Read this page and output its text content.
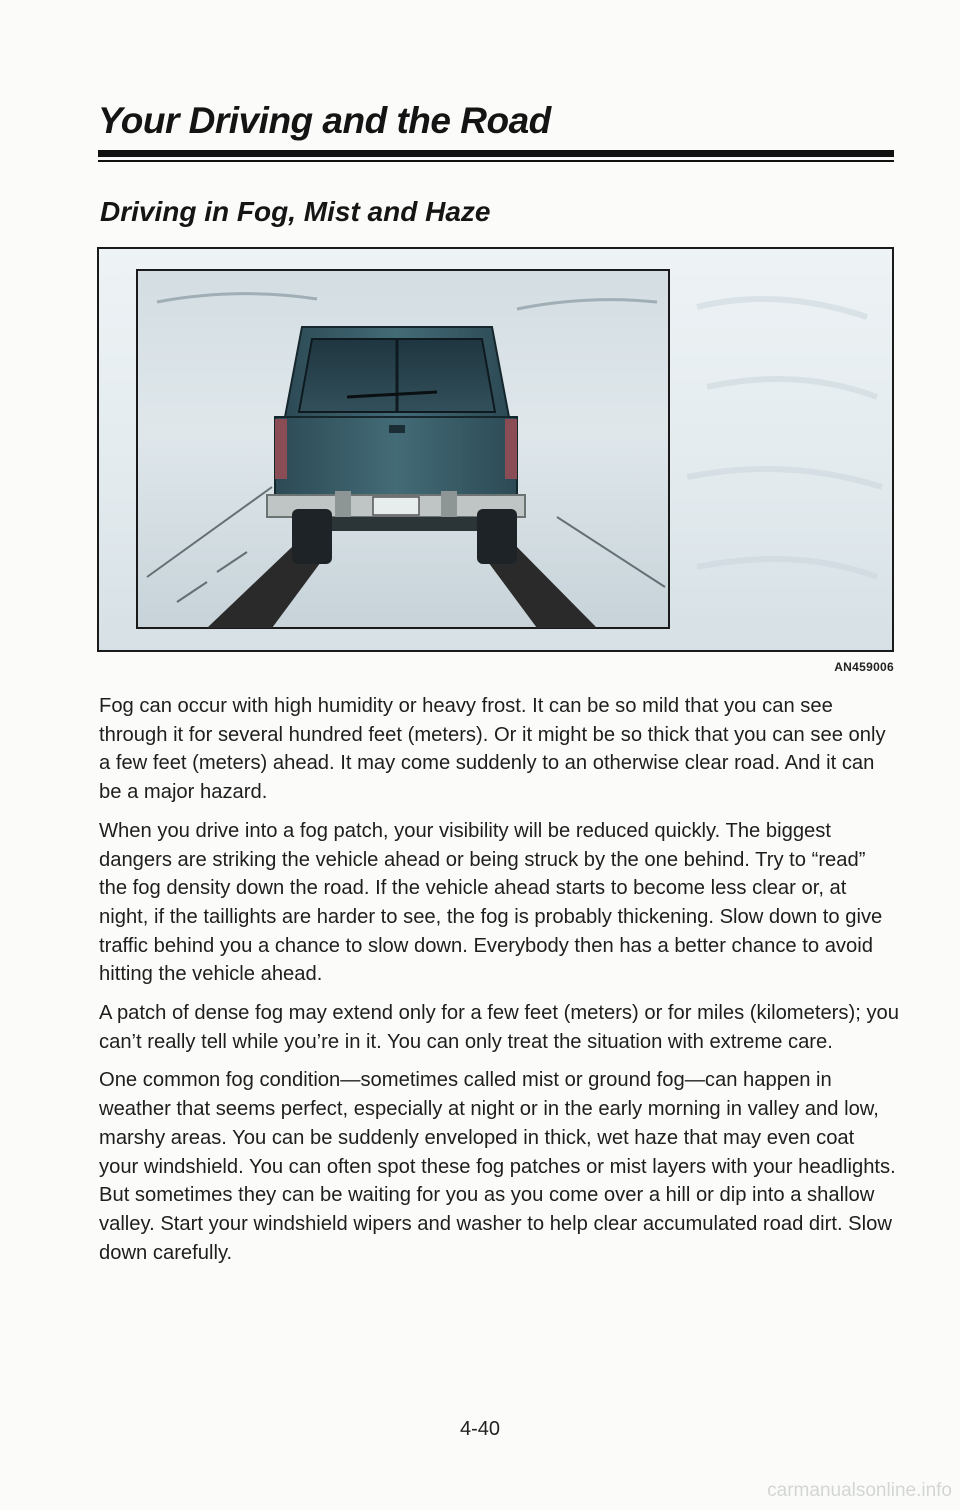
Your Driving and the Road
Driving in Fog, Mist and Haze
AN459006

Fog can occur with high humidity or heavy frost. It can be so mild that you can see through it for several hundred feet (meters). Or it might be so thick that you can see only a few feet (meters) ahead. It may come suddenly to an otherwise clear road. And it can be a major hazard.

When you drive into a fog patch, your visibility will be reduced quickly. The biggest dangers are striking the vehicle ahead or being struck by the one behind. Try to “read” the fog density down the road. If the vehicle ahead starts to become less clear or, at night, if the taillights are harder to see, the fog is probably thickening. Slow down to give traffic behind you a chance to slow down. Everybody then has a better chance to avoid hitting the vehicle ahead.

A patch of dense fog may extend only for a few feet (meters) or for miles (kilometers); you can’t really tell while you’re in it. You can only treat the situation with extreme care.

One common fog condition—sometimes called mist or ground fog—can happen in weather that seems perfect, especially at night or in the early morning in valley and low, marshy areas. You can be suddenly enveloped in thick, wet haze that may even coat your windshield. You can often spot these fog patches or mist layers with your headlights. But sometimes they can be waiting for you as you come over a hill or dip into a shallow valley. Start your windshield wipers and washer to help clear accumulated road dirt. Slow down carefully.

4-40
carmanualsonline.info
